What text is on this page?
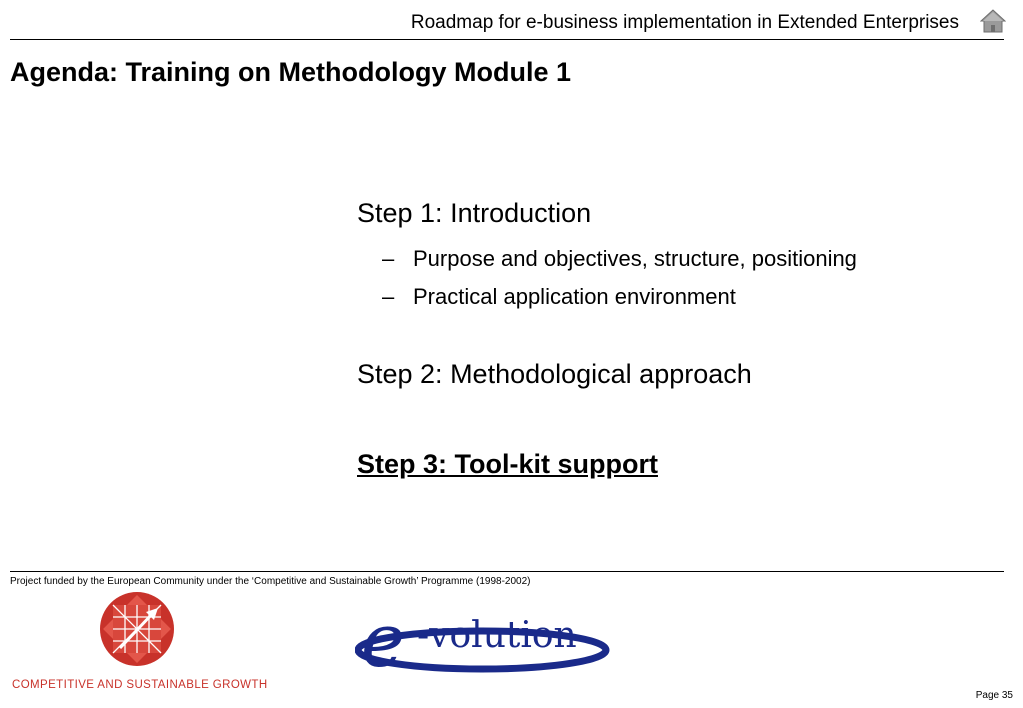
Roadmap for e-business implementation in Extended Enterprises
Agenda: Training on Methodology Module 1
Step 1: Introduction
– Purpose and objectives, structure, positioning
– Practical application environment
Step 2: Methodological approach
Step 3: Tool-kit support
Project funded by the European Community under the ‘Competitive and Sustainable Growth’ Programme (1998-2002)
COMPETITIVE AND SUSTAINABLE GROWTH
e -volution
Page 35
